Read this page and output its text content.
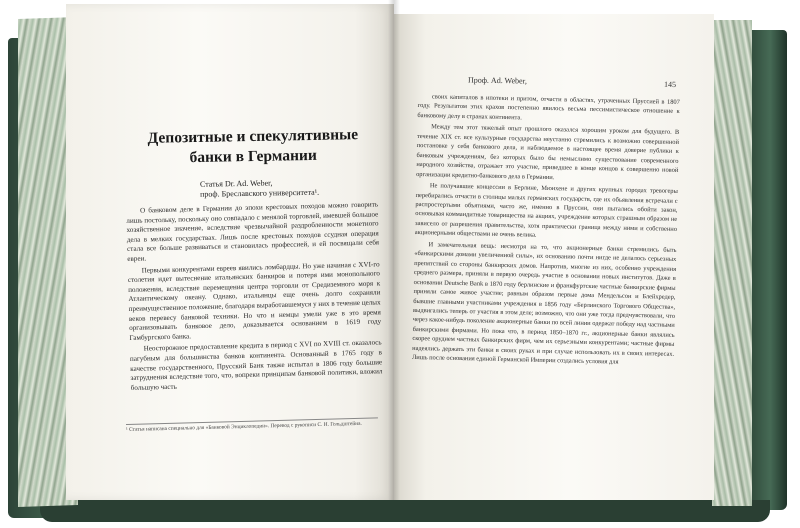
Депозитные и спекулятивные банки в Германии
Статья Dr. Ad. Weber,
проф. Бреславского университета¹.

О банковом деле в Германии до эпохи крестовых походов можно говорить лишь постольку, поскольку оно совпадало с менялой торговлей, имевшей большое хозяйственное значение, вследствие чрезвычайной раздробленности монетного дела в мелких государствах. Лишь после крестовых походов ссудная операция стала все больше развиваться и становилась профессией, и ей посвящали себя евреи.

Первыми конкурентами евреев явились ломбардцы. Но уже начиная с XVI-го столетия идет вытеснение итальянских банкиров и потеря ими монопольного положения, вследствие перемещения центра торговли от Средиземного моря к Атлантическому океану. Однако, итальянцы еще очень долго сохраняли преимущественное положение, благодаря выработавшемуся у них в течение целых веков перевесу банковой техники. Но что и немцы умели уже в это время организовывать банковое дело, доказывается основанием в 1619 году Гамбургского банка.

Неосторожное предоставление кредита в период с XVI по XVIII ст. оказалось пагубным для большинства банков континента. Основанный в 1765 году в качестве государственного, Прусский Банк также испытал в 1806 году большие затруднения вследствие того, что, вопреки принципам банковой политики, вложил большую часть

¹ Статья написана специально для «Банковой Энциклопедии». Перевод с рукописи С. Н. Гольдштейна.
Проф. Ad. Weber,	145

своих капиталов в ипотеки и притом, отчасти в областях, утраченных Пруссией в 1807 году. Результатом этих крахов постепенно явилось весьма пессимистическое отношение к банковому делу в странах континента.

Между тем этот тяжелый опыт прошлого оказался хорошим уроком для будущего. В течение XIX ст. все культурные государства неустанно стремились к возможно совершенной постановке у себя банкового дела, и наблюдаемое в настоящее время доверие публики к банковым учреждениям, без которых было бы немыслимо существование современного народного хозяйства, отражает это участие, приведшее в конце концов к совершенно новой организации кредитно-банкового дела в Германии.

Не получавшие концессии в Берлине, Мюнхене и других крупных городах тревогеры перебирались отчасти в столицы малых германских государств, где их объявления встречали с распростертыми объятиями, часто же, именно в Пруссии, они пытались обойти закон, основывая коммандитные товарищества на акциях, учреждение которых страшным образом не зависело от разрешения правительства, хотя практически граница между ними и собственно акционерными обществами не очень велика.

И замечательная вещь: несмотря на то, что акционерные банки стремились быть «банкирскими домами увеличенной силы», их основанию почти нигде не делалось серьезных препятствий со стороны банкирских домов. Напротив, многие из них, особенно учреждения среднего размера, приняли в первую очередь участие в основании новых институтов. Даже в основании Deutsche Bank в 1870 году берлинские и франкфуртские частные банкирские фирмы приняли самое живое участие; равным образом первые дома Мендельсон и Блейхредер, бывшие главными участниками учреждения в 1856 году «Берлинского Торгового Общества», выдвигались теперь от участия в этом деле; возможно, что они уже тогда предчувствовали, что через какое-нибудь поколение акционерные банки по всей линии одержат победу над частными банкирскими фирмами. Но пока что, в период 1850–1870 гг., акционерные банки являлись скорее орудием частных банкирских фирм, чем их серьезными конкурентами; частные фирмы надеялись держать эти банки в своих руках и при случае использовать их в своих интересах. Лишь после основания единой Германской Империи создались условия для
